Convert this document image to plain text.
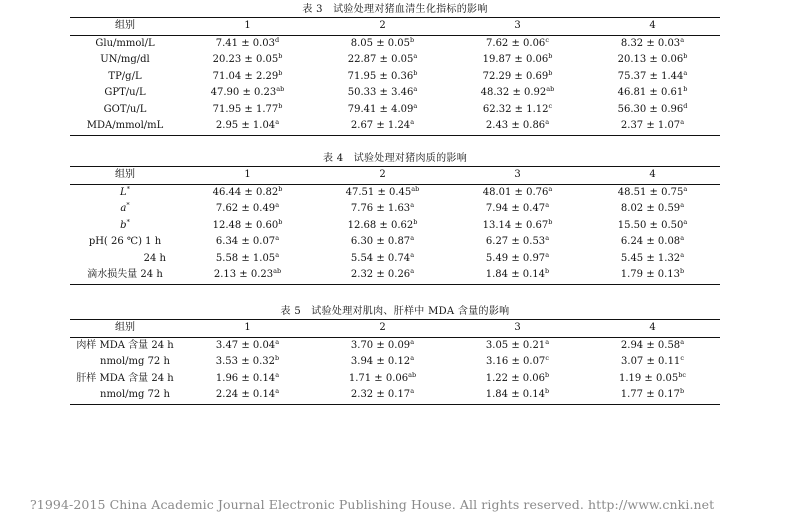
表 3　试验处理对猪血清生化指标的影响
组别	1	2	3	4
Glu/mmol/L	7.41 ± 0.03$^d$	8.05 ± 0.05$^b$	7.62 ± 0.06$^c$	8.32 ± 0.03$^a$
UN/mg/dl	20.23 ± 0.05$^b$	22.87 ± 0.05$^a$	19.87 ± 0.06$^b$	20.13 ± 0.06$^b$
TP/g/L	71.04 ± 2.29$^b$	71.95 ± 0.36$^b$	72.29 ± 0.69$^b$	75.37 ± 1.44$^a$
GPT/u/L	47.90 ± 0.23$^{ab}$	50.33 ± 3.46$^a$	48.32 ± 0.92$^{ab}$	46.81 ± 0.61$^b$
GOT/u/L	71.95 ± 1.77$^b$	79.41 ± 4.09$^a$	62.32 ± 1.12$^c$	56.30 ± 0.96$^d$
MDA/mmol/mL	2.95 ± 1.04$^a$	2.67 ± 1.24$^a$	2.43 ± 0.86$^a$	2.37 ± 1.07$^a$
表 4　试验处理对猪肉质的影响
组别	1	2	3	4
L*	46.44 ± 0.82$^b$	47.51 ± 0.45$^{ab}$	48.01 ± 0.76$^a$	48.51 ± 0.75$^a$
a*	7.62 ± 0.49$^a$	7.76 ± 1.63$^a$	7.94 ± 0.47$^a$	8.02 ± 0.59$^a$
b*	12.48 ± 0.60$^b$	12.68 ± 0.62$^b$	13.14 ± 0.67$^b$	15.50 ± 0.50$^a$
pH( 26 ℃) 1 h	6.34 ± 0.07$^a$	6.30 ± 0.87$^a$	6.27 ± 0.53$^a$	6.24 ± 0.08$^a$
24 h	5.58 ± 1.05$^a$	5.54 ± 0.74$^a$	5.49 ± 0.97$^a$	5.45 ± 1.32$^a$
滴水损失量 24 h	2.13 ± 0.23$^{ab}$	2.32 ± 0.26$^a$	1.84 ± 0.14$^b$	1.79 ± 0.13$^b$
表 5　试验处理对肌肉、肝样中 MDA 含量的影响
组别	1	2	3	4
肉样 MDA 含量 24 h	3.47 ± 0.04$^a$	3.70 ± 0.09$^a$	3.05 ± 0.21$^a$	2.94 ± 0.58$^a$
nmol/mg 72 h	3.53 ± 0.32$^b$	3.94 ± 0.12$^a$	3.16 ± 0.07$^c$	3.07 ± 0.11$^c$
肝样 MDA 含量 24 h	1.96 ± 0.14$^a$	1.71 ± 0.06$^{ab}$	1.22 ± 0.06$^b$	1.19 ± 0.05$^{bc}$
nmol/mg 72 h	2.24 ± 0.14$^a$	2.32 ± 0.17$^a$	1.84 ± 0.14$^b$	1.77 ± 0.17$^b$
?1994-2015 China Academic Journal Electronic Publishing House. All rights reserved. http://www.cnki.net
